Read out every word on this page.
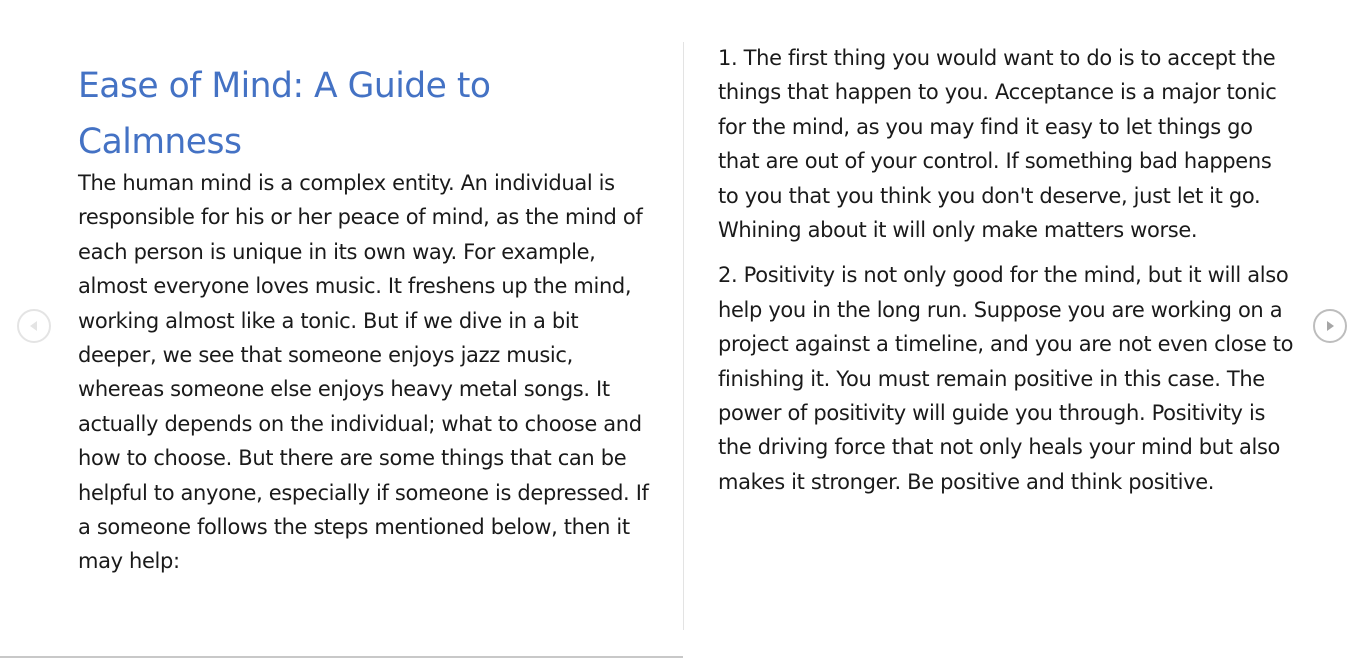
Ease of Mind: A Guide to Calmness

The human mind is a complex entity. An individual is responsible for his or her peace of mind, as the mind of each person is unique in its own way. For example, almost everyone loves music. It freshens up the mind, working almost like a tonic. But if we dive in a bit deeper, we see that someone enjoys jazz music, whereas someone else enjoys heavy metal songs. It actually depends on the individual; what to choose and how to choose. But there are some things that can be helpful to anyone, especially if someone is depressed. If a someone follows the steps mentioned below, then it may help:

1. The first thing you would want to do is to accept the things that happen to you. Acceptance is a major tonic for the mind, as you may find it easy to let things go that are out of your control. If something bad happens to you that you think you don't deserve, just let it go. Whining about it will only make matters worse.

2. Positivity is not only good for the mind, but it will also help you in the long run. Suppose you are working on a project against a timeline, and you are not even close to finishing it. You must remain positive in this case. The power of positivity will guide you through. Positivity is the driving force that not only heals your mind but also makes it stronger. Be positive and think positive.
